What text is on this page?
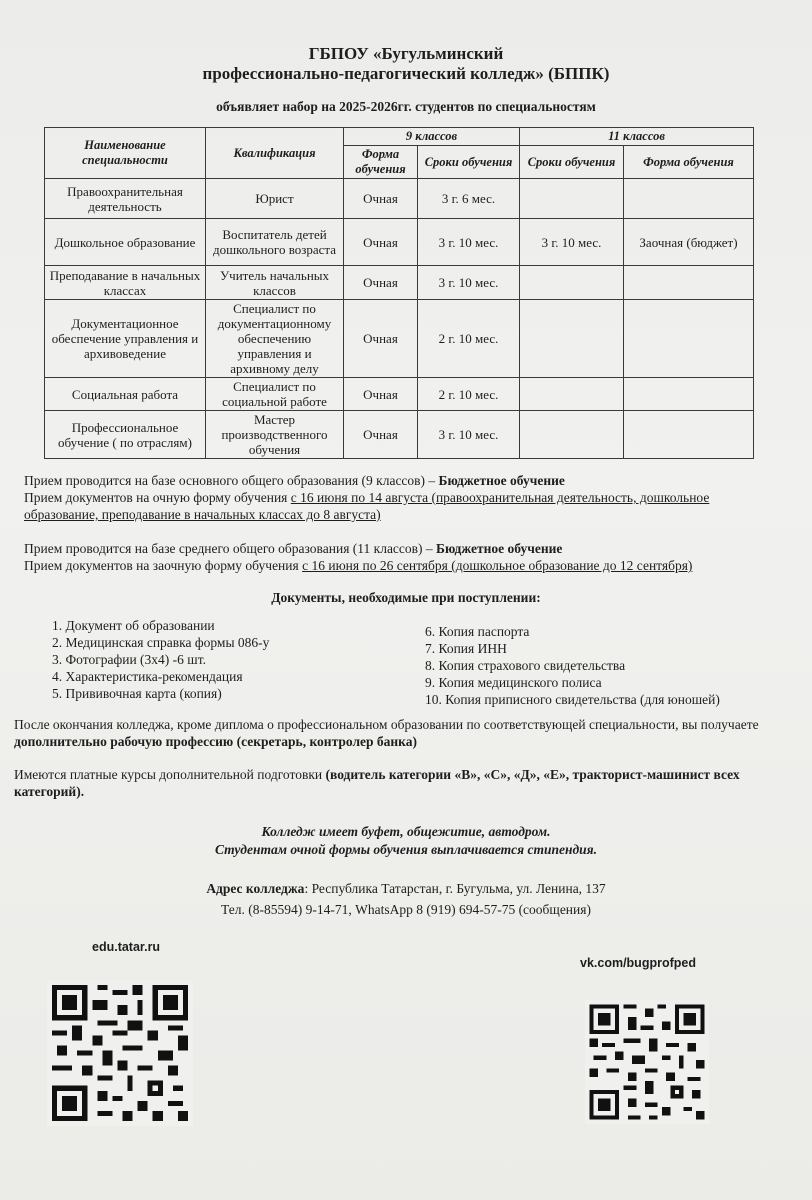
ГБПОУ «Бугульминский
профессионально-педагогический колледж» (БППК)
объявляет набор на 2025-2026гг. студентов по специальностям
Наименование специальности	Квалификация	9 классов		11 классов	
		Форма обучения	Сроки обучения	Сроки обучения	Форма обучения
Правоохранительная деятельность	Юрист	Очная	3 г. 6 мес.		
Дошкольное образование	Воспитатель детей дошкольного возраста	Очная	3 г. 10 мес.	3 г. 10 мес.	Заочная (бюджет)
Преподавание в начальных классах	Учитель начальных классов	Очная	3 г. 10 мес.		
Документационное обеспечение управления и архивоведение	Специалист по документационному обеспечению управления и архивному делу	Очная	2 г. 10 мес.		
Социальная работа	Специалист по социальной работе	Очная	2 г. 10 мес.		
Профессиональное обучение ( по отраслям)	Мастер производственного обучения	Очная	3 г. 10 мес.		
Прием проводится на базе основного общего образования (9 классов) – Бюджетное обучение
Прием документов на очную форму обучения с 16 июня по 14 августа (правоохранительная деятельность, дошкольное образование, преподавание в начальных классах до 8 августа)
Прием проводится на базе среднего общего образования (11 классов) – Бюджетное обучение
Прием документов на заочную форму обучения с 16 июня по 26 сентября (дошкольное образование до 12 сентября)
Документы, необходимые при поступлении:
1. Документ об образовании
2. Медицинская справка формы 086-у
3. Фотографии (3х4) -6 шт.
4. Характеристика-рекомендация
5. Прививочная карта (копия)
6. Копия паспорта
7. Копия ИНН
8. Копия страхового свидетельства
9. Копия медицинского полиса
10. Копия приписного свидетельства (для юношей)
После окончания колледжа, кроме диплома о профессиональном образовании по соответствующей специальности, вы получаете дополнительно рабочую профессию (секретарь, контролер банка)
Имеются платные курсы дополнительной подготовки (водитель категории «В», «С», «Д», «Е», тракторист-машинист всех категорий).
Колледж имеет буфет, общежитие, автодром.
Студентам очной формы обучения выплачивается стипендия.
Адрес колледжа: Республика Татарстан, г. Бугульма, ул. Ленина, 137
Тел. (8-85594) 9-14-71, WhatsApp 8 (919) 694-57-75 (сообщения)
edu.tatar.ru
vk.com/bugprofped
